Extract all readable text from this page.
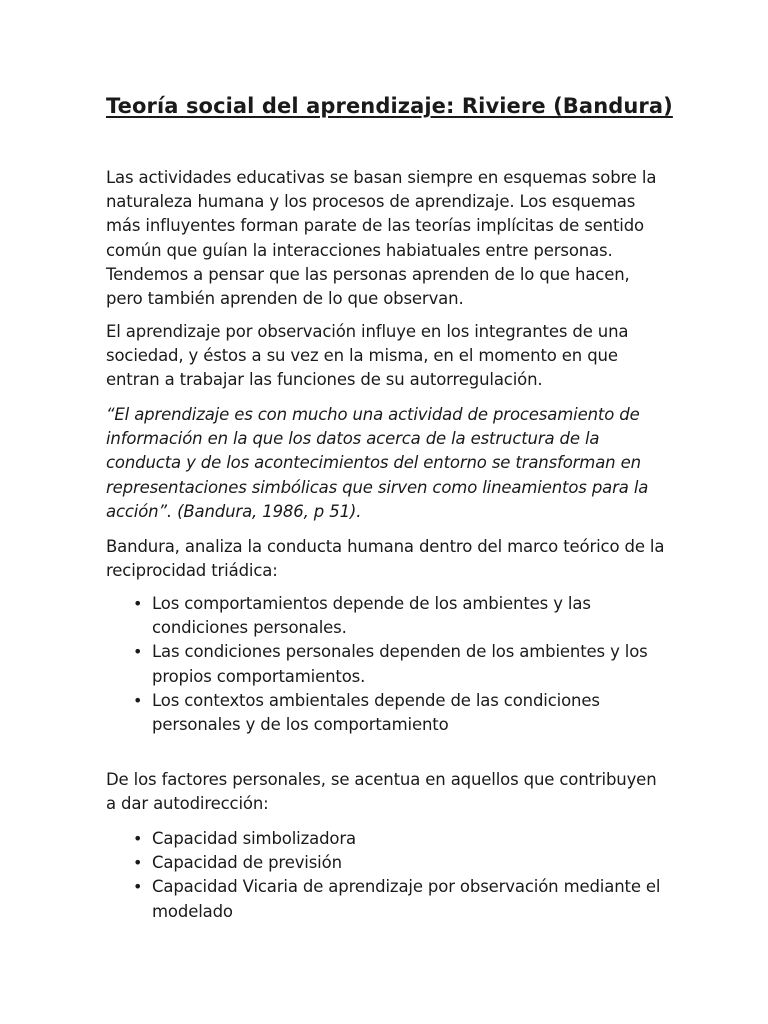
Teoría social del aprendizaje: Riviere (Bandura)

Las actividades educativas se basan siempre en esquemas sobre la naturaleza humana y los procesos de aprendizaje. Los esquemas más influyentes forman parate de las teorías implícitas de sentido común que guían la interacciones habiatuales entre personas. Tendemos a pensar que las personas aprenden de lo que hacen, pero también aprenden de lo que observan.

El aprendizaje por observación influye en los integrantes de una sociedad, y éstos a su vez en la misma, en el momento en que entran a trabajar las funciones de su autorregulación.

“El aprendizaje es con mucho una actividad de procesamiento de información en la que los datos acerca de la estructura de la conducta y de los acontecimientos del entorno se transforman en representaciones simbólicas que sirven como lineamientos para la acción”. (Bandura, 1986, p 51).

Bandura, analiza la conducta humana dentro del marco teórico de la reciprocidad triádica:

• Los comportamientos depende de los ambientes y las condiciones personales.
• Las condiciones personales dependen de los ambientes y los propios comportamientos.
• Los contextos ambientales depende de las condiciones personales y de los comportamiento

De los factores personales, se acentua en aquellos que contribuyen a dar autodirección:

• Capacidad simbolizadora
• Capacidad de previsión
• Capacidad Vicaria de aprendizaje por observación mediante el modelado
